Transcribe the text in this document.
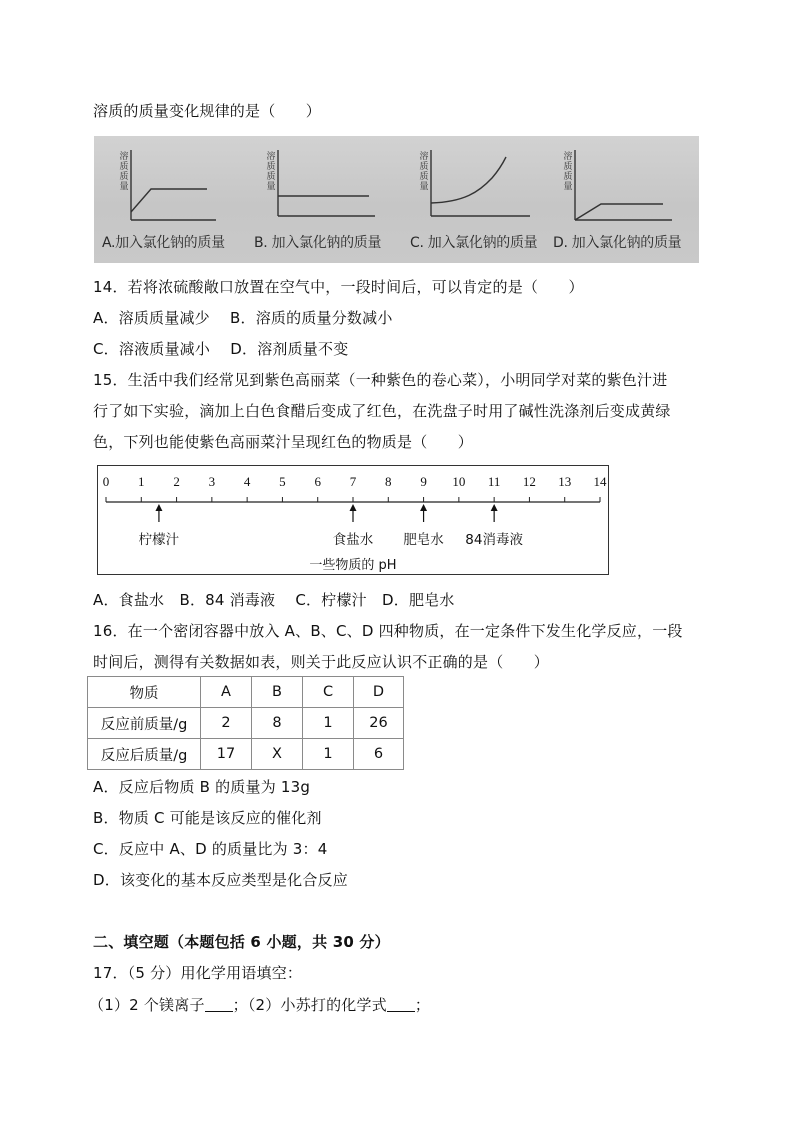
溶质的质量变化规律的是（　　）
溶
质
质
量
溶
质
质
量
溶
质
质
量
溶
质
质
量
A.加入氯化钠的质量 B. 加入氯化钠的质量 C. 加入氯化钠的质量 D. 加入氯化钠的质量
14．若将浓硫酸敞口放置在空气中，一段时间后，可以肯定的是（　　）
A．溶质质量减少　 B．溶质的质量分数减小
C．溶液质量减小　 D．溶剂质量不变
15．生活中我们经常见到紫色高丽菜（一种紫色的卷心菜），小明同学对菜的紫色汁进
行了如下实验，滴加上白色食醋后变成了红色，在洗盘子时用了碱性洗涤剂后变成黄绿
色，下列也能使紫色高丽菜汁呈现红色的物质是（　　）
0	1	2	3	4	5	6	7	8	9	10 11 12 13 14
柠檬汁	食盐水 肥皂水 84消毒液
一些物质的 pH
A．食盐水　B．84 消毒液　 C．柠檬汁　D．肥皂水
16．在一个密闭容器中放入 A、B、C、D 四种物质，在一定条件下发生化学反应，一段
时间后，测得有关数据如表，则关于此反应认识不正确的是（　　）
物质	A	B	C	D
反应前质量/g	2	8	1	26
反应后质量/g	17	X	1	6
A．反应后物质 B 的质量为 13g
B．物质 C 可能是该反应的催化剂
C．反应中 A、D 的质量比为 3：4
D．该变化的基本反应类型是化合反应
二、填空题（本题包括 6 小题，共 30 分）
17．（5 分）用化学用语填空：
（1）2 个镁离子 ；（2）小苏打的化学式 ；
